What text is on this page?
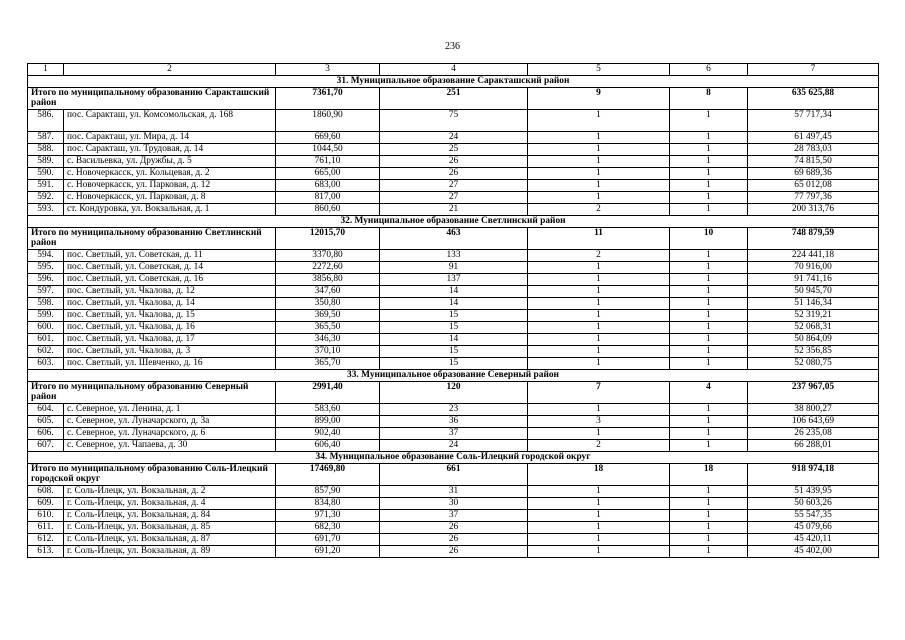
236
1	2	3	4	5	6	7
31. Муниципальное образование Саракташский район						
Итого по муниципальному образованию Саракташский район		7361,70	251	9	8	635 625,88
586.	пос. Саракташ, ул. Комсомольская, д. 168	1860,90	75	1	1	57 717,34
587.	пос. Саракташ, ул. Мира, д. 14	669,60	24	1	1	61 497,45
588.	пос. Саракташ, ул. Трудовая, д. 14	1044,50	25	1	1	28 783,03
589.	с. Васильевка, ул. Дружбы, д. 5	761,10	26	1	1	74 815,50
590.	с. Новочеркасск, ул. Кольцевая, д. 2	665,00	26	1	1	69 689,36
591.	с. Новочеркасск, ул. Парковая, д. 12	683,00	27	1	1	65 012,08
592.	с. Новочеркасск, ул. Парковая, д. 8	817,00	27	1	1	77 797,36
593.	ст. Кондуровка, ул. Вокзальная, д. 1	860,60	21	2	1	200 313,76
32. Муниципальное образование Светлинский район						
Итого по муниципальному образованию Светлинский район		12015,70	463	11	10	748 879,59
594.	пос. Светлый, ул. Советская, д. 11	3370,80	133	2	1	224 441,18
595.	пос. Светлый, ул. Советская, д. 14	2272,60	91	1	1	70 916,00
596.	пос. Светлый, ул. Советская, д. 16	3856,80	137	1	1	91 741,16
597.	пос. Светлый, ул. Чкалова, д. 12	347,60	14	1	1	50 945,70
598.	пос. Светлый, ул. Чкалова, д. 14	350,80	14	1	1	51 146,34
599.	пос. Светлый, ул. Чкалова, д. 15	369,50	15	1	1	52 319,21
600.	пос. Светлый, ул. Чкалова, д. 16	365,50	15	1	1	52 068,31
601.	пос. Светлый, ул. Чкалова, д. 17	346,30	14	1	1	50 864,09
602.	пос. Светлый, ул. Чкалова, д. 3	370,10	15	1	1	52 356,85
603.	пос. Светлый, ул. Шевченко, д. 16	365,70	15	1	1	52 080,75
33. Муниципальное образование Северный район						
Итого по муниципальному образованию Северный район		2991,40	120	7	4	237 967,05
604.	с. Северное, ул. Ленина, д. 1	583,60	23	1	1	38 800,27
605.	с. Северное, ул. Луначарского, д. 3а	899,00	36	3	1	106 643,69
606.	с. Северное, ул. Луначарского, д. 6	902,40	37	1	1	26 235,08
607.	с. Северное, ул. Чапаева, д. 30	606,40	24	2	1	66 288,01
34. Муниципальное образование Соль-Илецкий городской округ						
Итого по муниципальному образованию Соль-Илецкий городской округ		17469,80	661	18	18	918 974,18
608.	г. Соль-Илецк, ул. Вокзальная, д. 2	857,90	31	1	1	51 439,95
609.	г. Соль-Илецк, ул. Вокзальная, д. 4	834,80	30	1	1	50 603,26
610.	г. Соль-Илецк, ул. Вокзальная, д. 84	971,30	37	1	1	55 547,35
611.	г. Соль-Илецк, ул. Вокзальная, д. 85	682,30	26	1	1	45 079,66
612.	г. Соль-Илецк, ул. Вокзальная, д. 87	691,70	26	1	1	45 420,11
613.	г. Соль-Илецк, ул. Вокзальная, д. 89	691,20	26	1	1	45 402,00
